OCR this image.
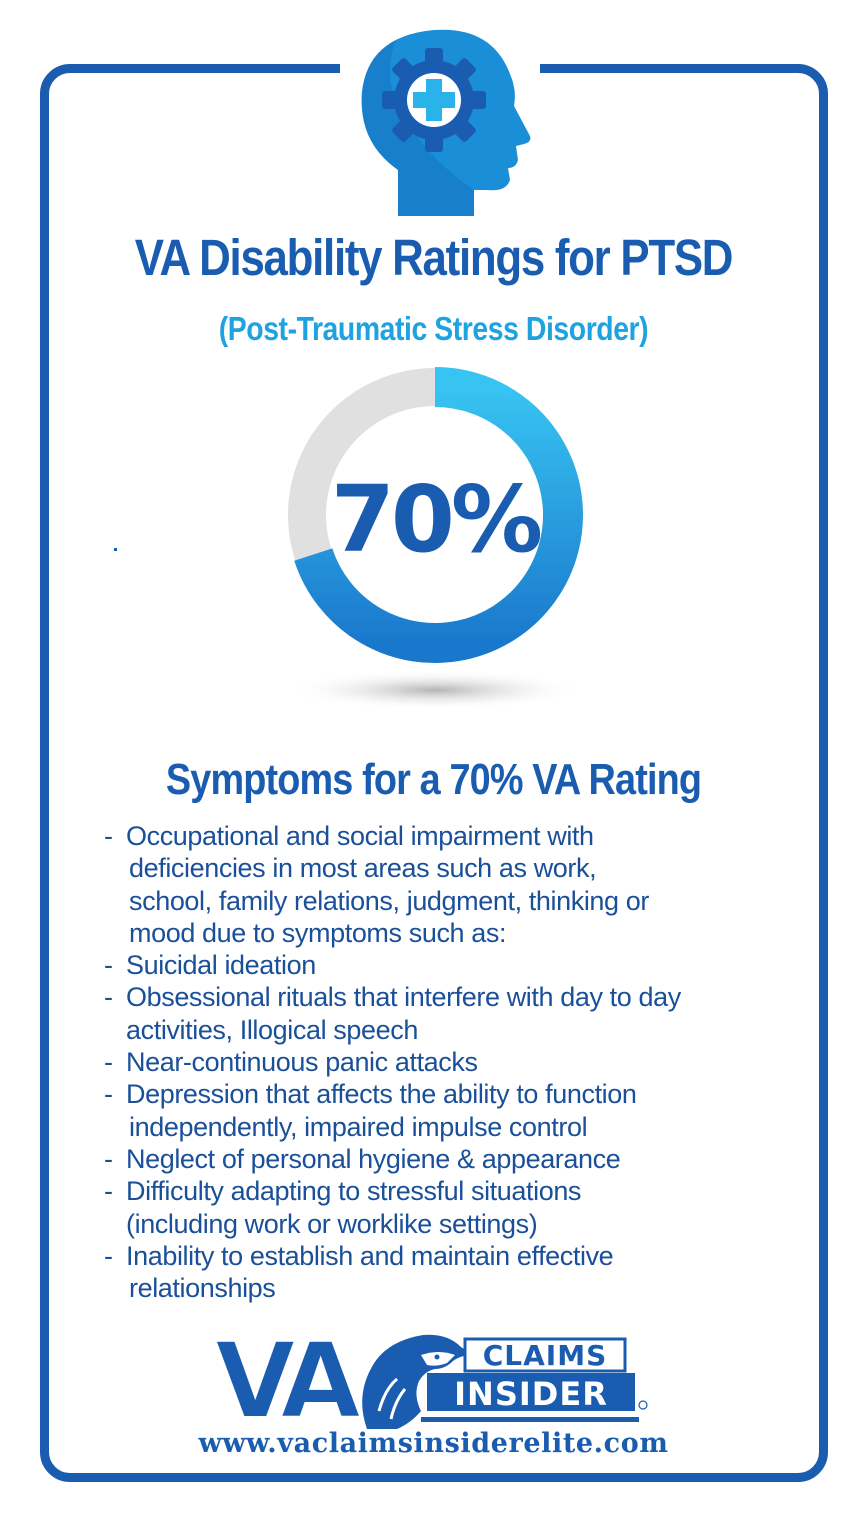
VA Disability Ratings for PTSD
(Post-Traumatic Stress Disorder)
70%
Symptoms for a 70% VA Rating
- Occupational and social impairment with
deficiencies in most areas such as work,
school, family relations, judgment, thinking or
mood due to symptoms such as:
- Suicidal ideation
- Obsessional rituals that interfere with day to day
activities, Illogical speech
- Near-continuous panic attacks
- Depression that affects the ability to function
independently, impaired impulse control
- Neglect of personal hygiene & appearance
- Difficulty adapting to stressful situations
(including work or worklike settings)
- Inability to establish and maintain effective
relationships
VA	CLAIMS
INSIDER
www.vaclaimsinsiderelite.com
